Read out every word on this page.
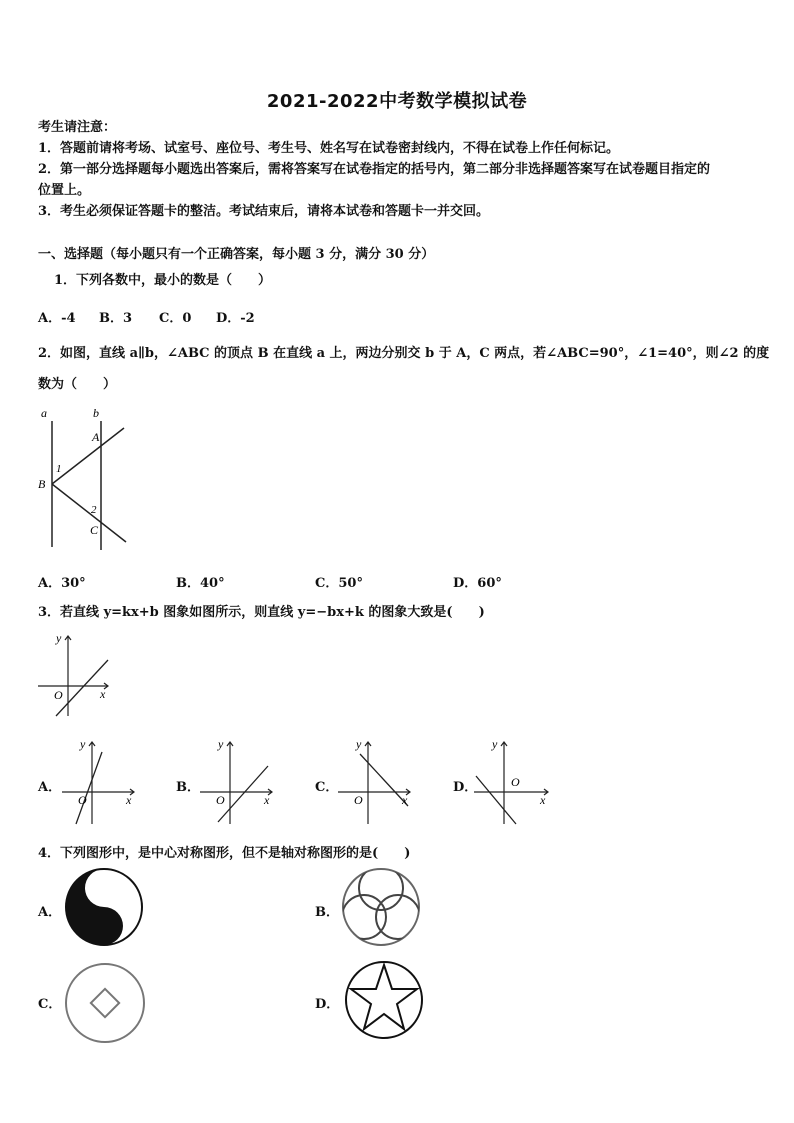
2021-2022中考数学模拟试卷
考生请注意：
1．答题前请将考场、试室号、座位号、考生号、姓名写在试卷密封线内，不得在试卷上作任何标记。
2．第一部分选择题每小题选出答案后，需将答案写在试卷指定的括号内，第二部分非选择题答案写在试卷题目指定的
位置上。
3．考生必须保证答题卡的整洁。考试结束后，请将本试卷和答题卡一并交回。
一、选择题（每小题只有一个正确答案，每小题 3 分，满分 30 分）
1．下列各数中，最小的数是（　　）
A．-4 B．3 C．0 D．-2
2．如图，直线 a∥b，∠ABC 的顶点 B 在直线 a 上，两边分别交 b 于 A，C 两点，若∠ABC=90°，∠1=40°，则∠2 的度
数为（　　）
a	b
A
B
C
1
2
A．30°	B．40°	C．50°	D．60°
3．若直线 y=kx+b 图象如图所示，则直线 y=−bx+k 的图象大致是(　　)
y
x
O
A．
y
x
O
B．
y
x
O
C．
y
x
O
D．
y
x
O
4．下列图形中，是中心对称图形，但不是轴对称图形的是(　　)
A．	B．
C．	D．
